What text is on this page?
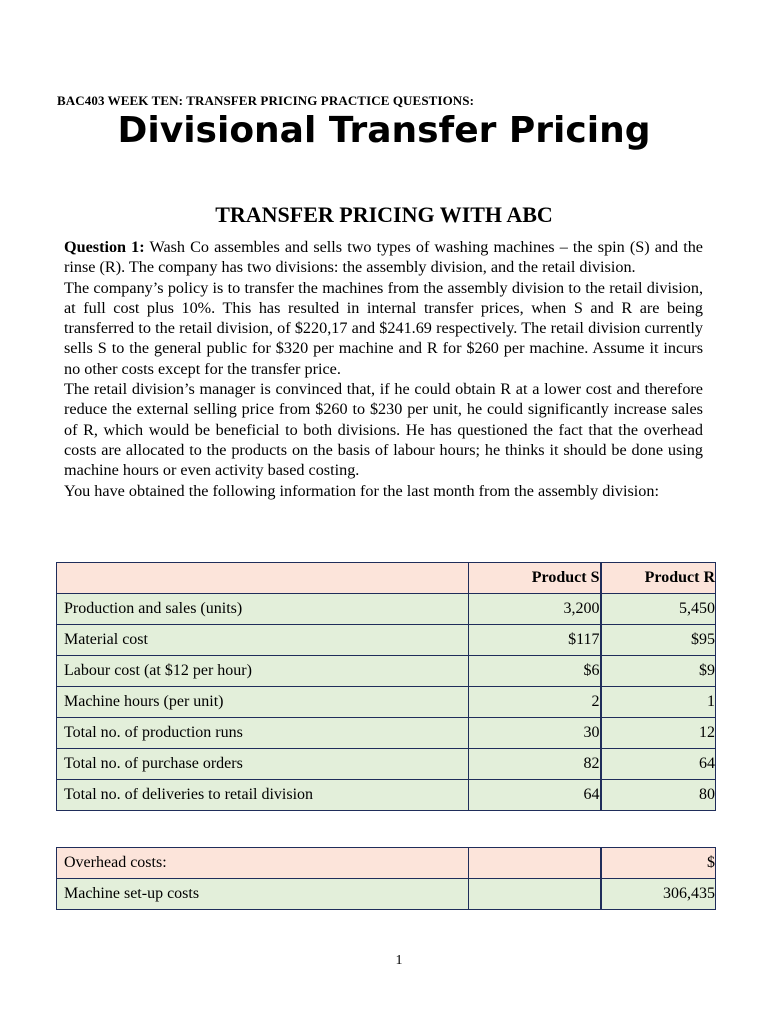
BAC403 WEEK TEN: TRANSFER PRICING PRACTICE QUESTIONS:
Divisional Transfer Pricing
TRANSFER PRICING WITH ABC

Question 1: Wash Co assembles and sells two types of washing machines – the spin (S) and the rinse (R). The company has two divisions: the assembly division, and the retail division.

The company’s policy is to transfer the machines from the assembly division to the retail division, at full cost plus 10%. This has resulted in internal transfer prices, when S and R are being transferred to the retail division, of $220,17 and $241.69 respectively. The retail division currently sells S to the general public for $320 per machine and R for $260 per machine. Assume it incurs no other costs except for the transfer price.

The retail division’s manager is convinced that, if he could obtain R at a lower cost and therefore reduce the external selling price from $260 to $230 per unit, he could significantly increase sales of R, which would be beneficial to both divisions. He has questioned the fact that the overhead costs are allocated to the products on the basis of labour hours; he thinks it should be done using machine hours or even activity based costing.

You have obtained the following information for the last month from the assembly division:

	Product S	Product R
Production and sales (units)	3,200	5,450
Material cost	$117	$95
Labour cost (at $12 per hour)	$6	$9
Machine hours (per unit)	2	1
Total no. of production runs	30	12
Total no. of purchase orders	82	64
Total no. of deliveries to retail division	64	80
Overhead costs:		$
Machine set-up costs		306,435
1
